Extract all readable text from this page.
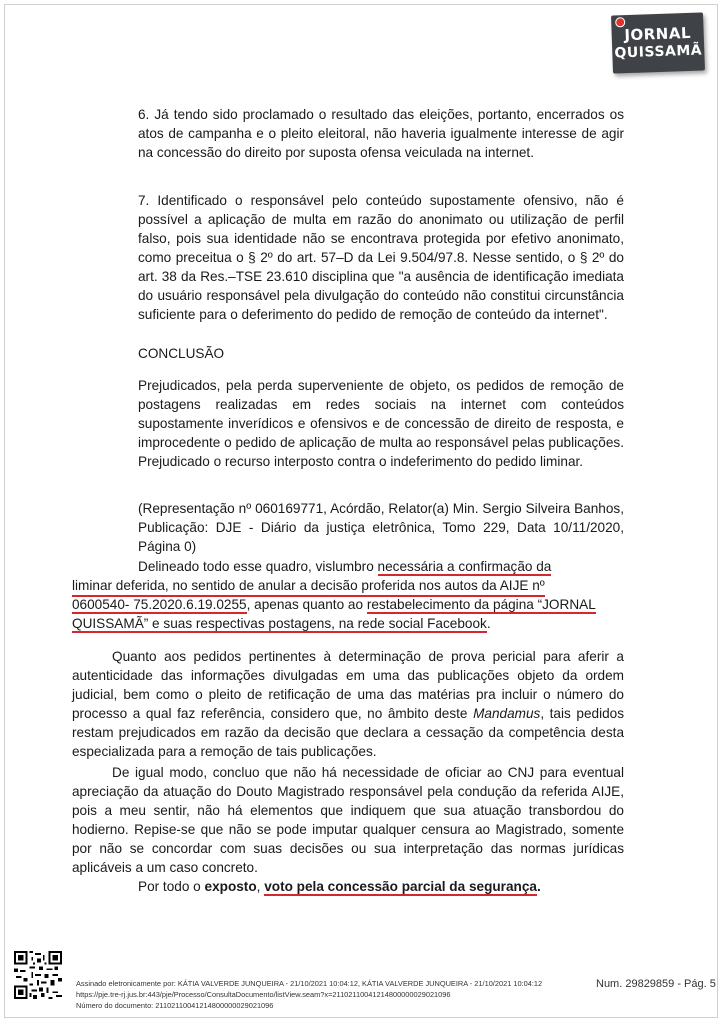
JORNAL
QUISSAMÃ

6. Já tendo sido proclamado o resultado das eleições, portanto, encerrados os atos de campanha e o pleito eleitoral, não haveria igualmente interesse de agir na concessão do direito por suposta ofensa veiculada na internet.

7. Identificado o responsável pelo conteúdo supostamente ofensivo, não é possível a aplicação de multa em razão do anonimato ou utilização de perfil falso, pois sua identidade não se encontrava protegida por efetivo anonimato, como preceitua o § 2º do art. 57–D da Lei 9.504/97.8. Nesse sentido, o § 2º do art. 38 da Res.–TSE 23.610 disciplina que "a ausência de identificação imediata do usuário responsável pela divulgação do conteúdo não constitui circunstância suficiente para o deferimento do pedido de remoção de conteúdo da internet".

CONCLUSÃO

Prejudicados, pela perda superveniente de objeto, os pedidos de remoção de postagens realizadas em redes sociais na internet com conteúdos supostamente inverídicos e ofensivos e de concessão de direito de resposta, e improcedente o pedido de aplicação de multa ao responsável pelas publicações. Prejudicado o recurso interposto contra o indeferimento do pedido liminar.

(Representação nº 060169771, Acórdão, Relator(a) Min. Sergio Silveira Banhos, Publicação: DJE - Diário da justiça eletrônica, Tomo 229, Data 10/11/2020, Página 0)

Delineado todo esse quadro, vislumbro necessária a confirmação da
liminar deferida, no sentido de anular a decisão proferida nos autos da AIJE nº
0600540- 75.2020.6.19.0255, apenas quanto ao restabelecimento da página “JORNAL
QUISSAMÃ” e suas respectivas postagens, na rede social Facebook.

Quanto aos pedidos pertinentes à determinação de prova pericial para aferir a autenticidade das informações divulgadas em uma das publicações objeto da ordem judicial, bem como o pleito de retificação de uma das matérias pra incluir o número do processo a qual faz referência, considero que, no âmbito deste Mandamus, tais pedidos restam prejudicados em razão da decisão que declara a cessação da competência desta especializada para a remoção de tais publicações.

De igual modo, concluo que não há necessidade de oficiar ao CNJ para eventual apreciação da atuação do Douto Magistrado responsável pela condução da referida AIJE, pois a meu sentir, não há elementos que indiquem que sua atuação transbordou do hodierno. Repise-se que não se pode imputar qualquer censura ao Magistrado, somente por não se concordar com suas decisões ou sua interpretação das normas jurídicas aplicáveis a um caso concreto.

Por todo o exposto, voto pela concessão parcial da segurança.
Assinado eletronicamente por: KÁTIA VALVERDE JUNQUEIRA - 21/10/2021 10:04:12, KÁTIA VALVERDE JUNQUEIRA - 21/10/2021 10:04:12
https://pje.tre-rj.jus.br:443/pje/Processo/ConsultaDocumento/listView.seam?x=21102110041214800000029021096
Número do documento: 21102110041214800000029021096
Num. 29829859 - Pág. 5
